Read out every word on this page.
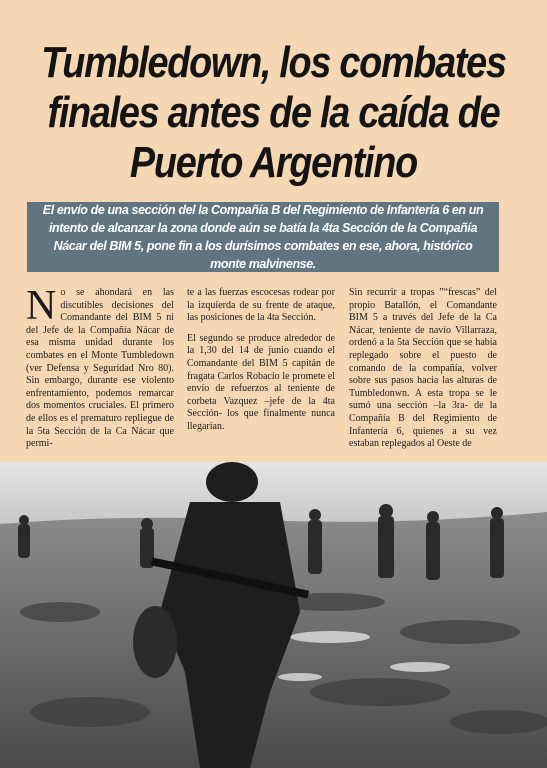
Tumbledown, los combates
finales antes de la caída de
Puerto Argentino

El envío de una sección del la Compañía B del Regimiento de Infantería 6 en un intento de alcanzar la zona donde aún se batía la 4ta Sección de la Compañía Nácar del BIM 5, pone fin a los durísimos combates en ese, ahora, histórico monte malvinense.

No se ahondará en las discutibles decisiones del Comandante del BIM 5 ni del Jefe de la Compañía Nácar de esa misma unidad durante los combates en el Monte Tumbledown (ver Defensa y Seguridad Nro 80). Sin embargo, durante ese violento enfrentamiento, podemos remarcar dos momentos cruciales. El primero de ellos es el prematuro repliegue de la 5ta Sección de la Ca Nácar que permi-

te a las fuerzas escocesas rodear por la izquierda de su frente de ataque, las posiciones de la 4ta Sección.

El segundo se produce alrededor de la 1,30 del 14 de junio cuando el Comandante del BIM 5 capitán de fragata Carlos Robacio le promete el envío de refuerzos al teniente de corbeta Vazquez –jefe de la 4ta Sección- los que finalmente nunca llegarían.

Sin recurrir a tropas ”“frescas” del propio Batallón, el Comandante BIM 5 a través del Jefe de la Ca Nácar, teniente de navío Villarraza, ordenó a la 5ta Sección que se había replegado sobre el puesto de comando de la compañía, volver sobre sus pasos hacia las alturas de Tumbledonwn. A esta tropa se le sumó una sección –la 3ra- de la Compañía B del Regimiento de Infantería 6, quienes a su vez estaban replegados al Oeste de
